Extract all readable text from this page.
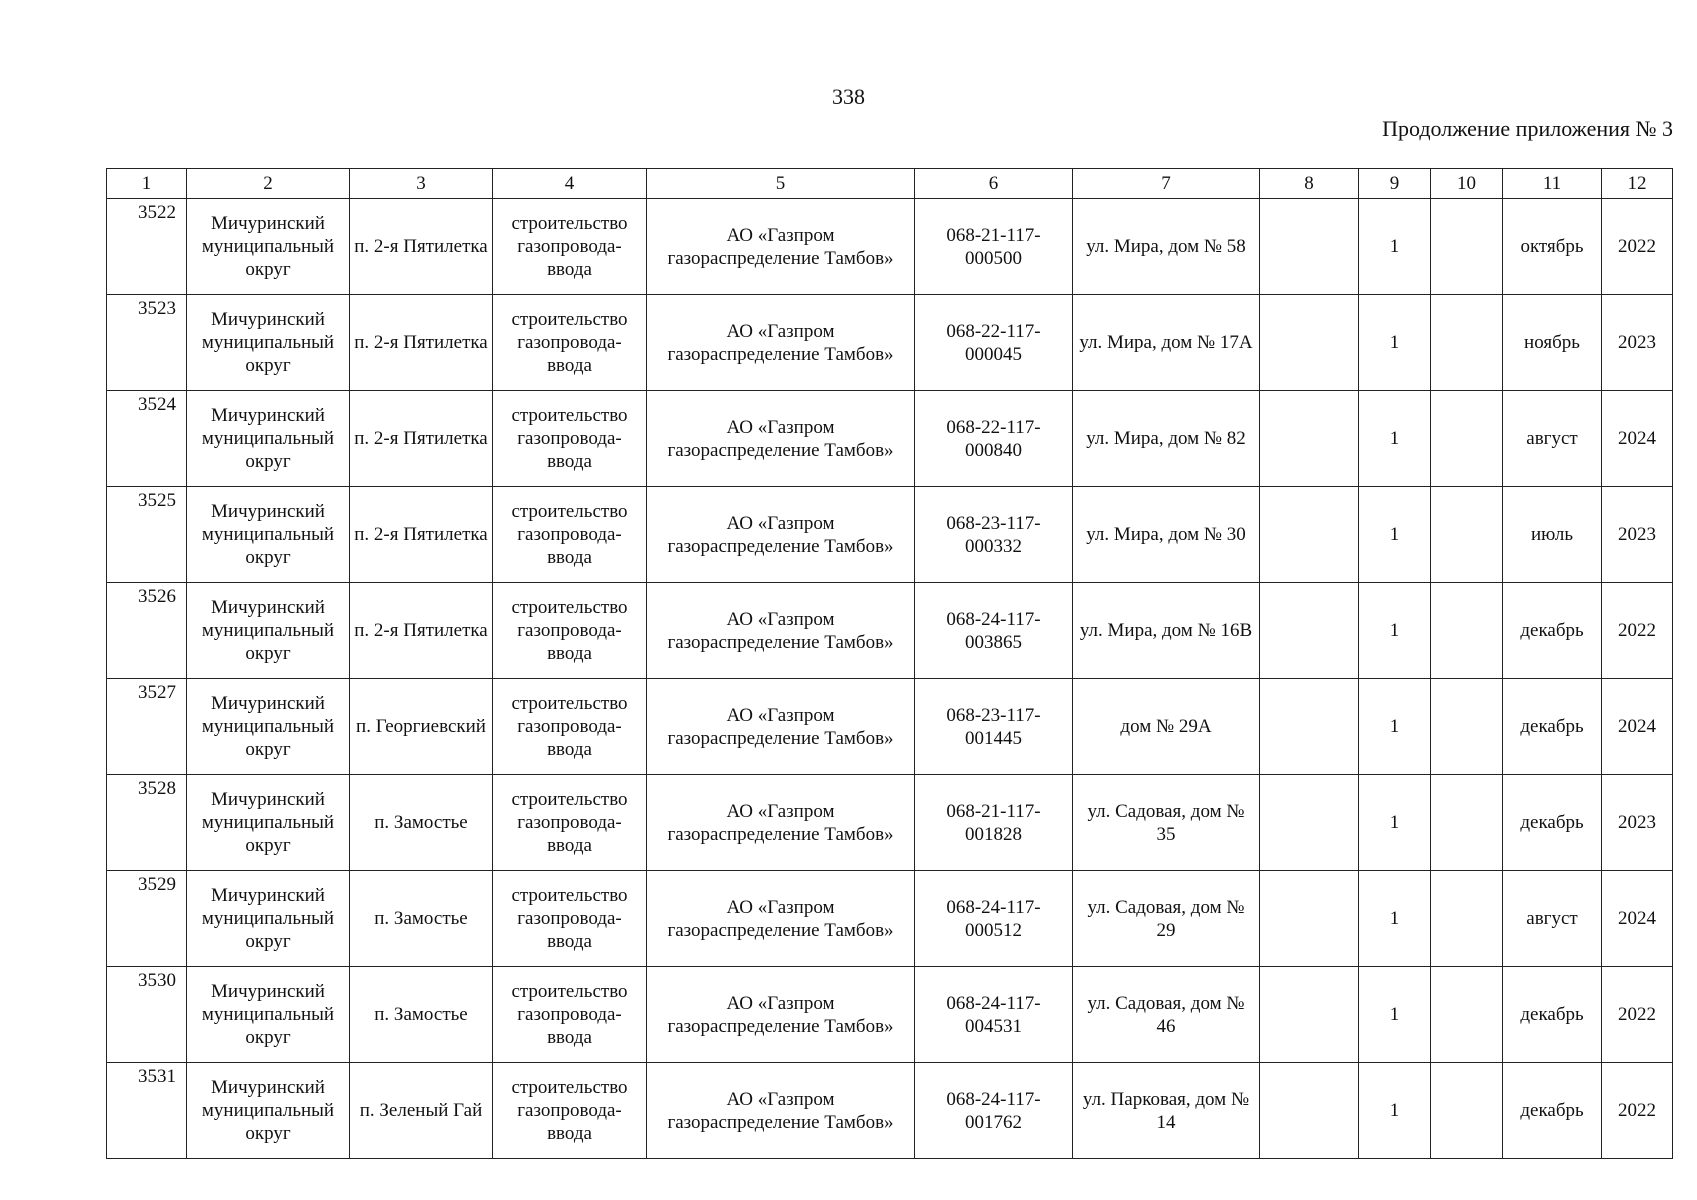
338
Продолжение приложения № 3
1	2	3	4	5	6	7	8	9	10	11	12
3522	Мичуринский муниципальный округ	п. 2-я Пятилетка	строительство газопровода-ввода	АО «Газпром газораспределение Тамбов»	068-21-117-000500	ул. Мира, дом № 58		1		октябрь	2022
3523	Мичуринский муниципальный округ	п. 2-я Пятилетка	строительство газопровода-ввода	АО «Газпром газораспределение Тамбов»	068-22-117-000045	ул. Мира, дом № 17А		1		ноябрь	2023
3524	Мичуринский муниципальный округ	п. 2-я Пятилетка	строительство газопровода-ввода	АО «Газпром газораспределение Тамбов»	068-22-117-000840	ул. Мира, дом № 82		1		август	2024
3525	Мичуринский муниципальный округ	п. 2-я Пятилетка	строительство газопровода-ввода	АО «Газпром газораспределение Тамбов»	068-23-117-000332	ул. Мира, дом № 30		1		июль	2023
3526	Мичуринский муниципальный округ	п. 2-я Пятилетка	строительство газопровода-ввода	АО «Газпром газораспределение Тамбов»	068-24-117-003865	ул. Мира, дом № 16В		1		декабрь	2022
3527	Мичуринский муниципальный округ	п. Георгиевский	строительство газопровода-ввода	АО «Газпром газораспределение Тамбов»	068-23-117-001445	дом № 29А		1		декабрь	2024
3528	Мичуринский муниципальный округ	п. Замостье	строительство газопровода-ввода	АО «Газпром газораспределение Тамбов»	068-21-117-001828	ул. Садовая, дом № 35		1		декабрь	2023
3529	Мичуринский муниципальный округ	п. Замостье	строительство газопровода-ввода	АО «Газпром газораспределение Тамбов»	068-24-117-000512	ул. Садовая, дом № 29		1		август	2024
3530	Мичуринский муниципальный округ	п. Замостье	строительство газопровода-ввода	АО «Газпром газораспределение Тамбов»	068-24-117-004531	ул. Садовая, дом № 46		1		декабрь	2022
3531	Мичуринский муниципальный округ	п. Зеленый Гай	строительство газопровода-ввода	АО «Газпром газораспределение Тамбов»	068-24-117-001762	ул. Парковая, дом № 14		1		декабрь	2022
